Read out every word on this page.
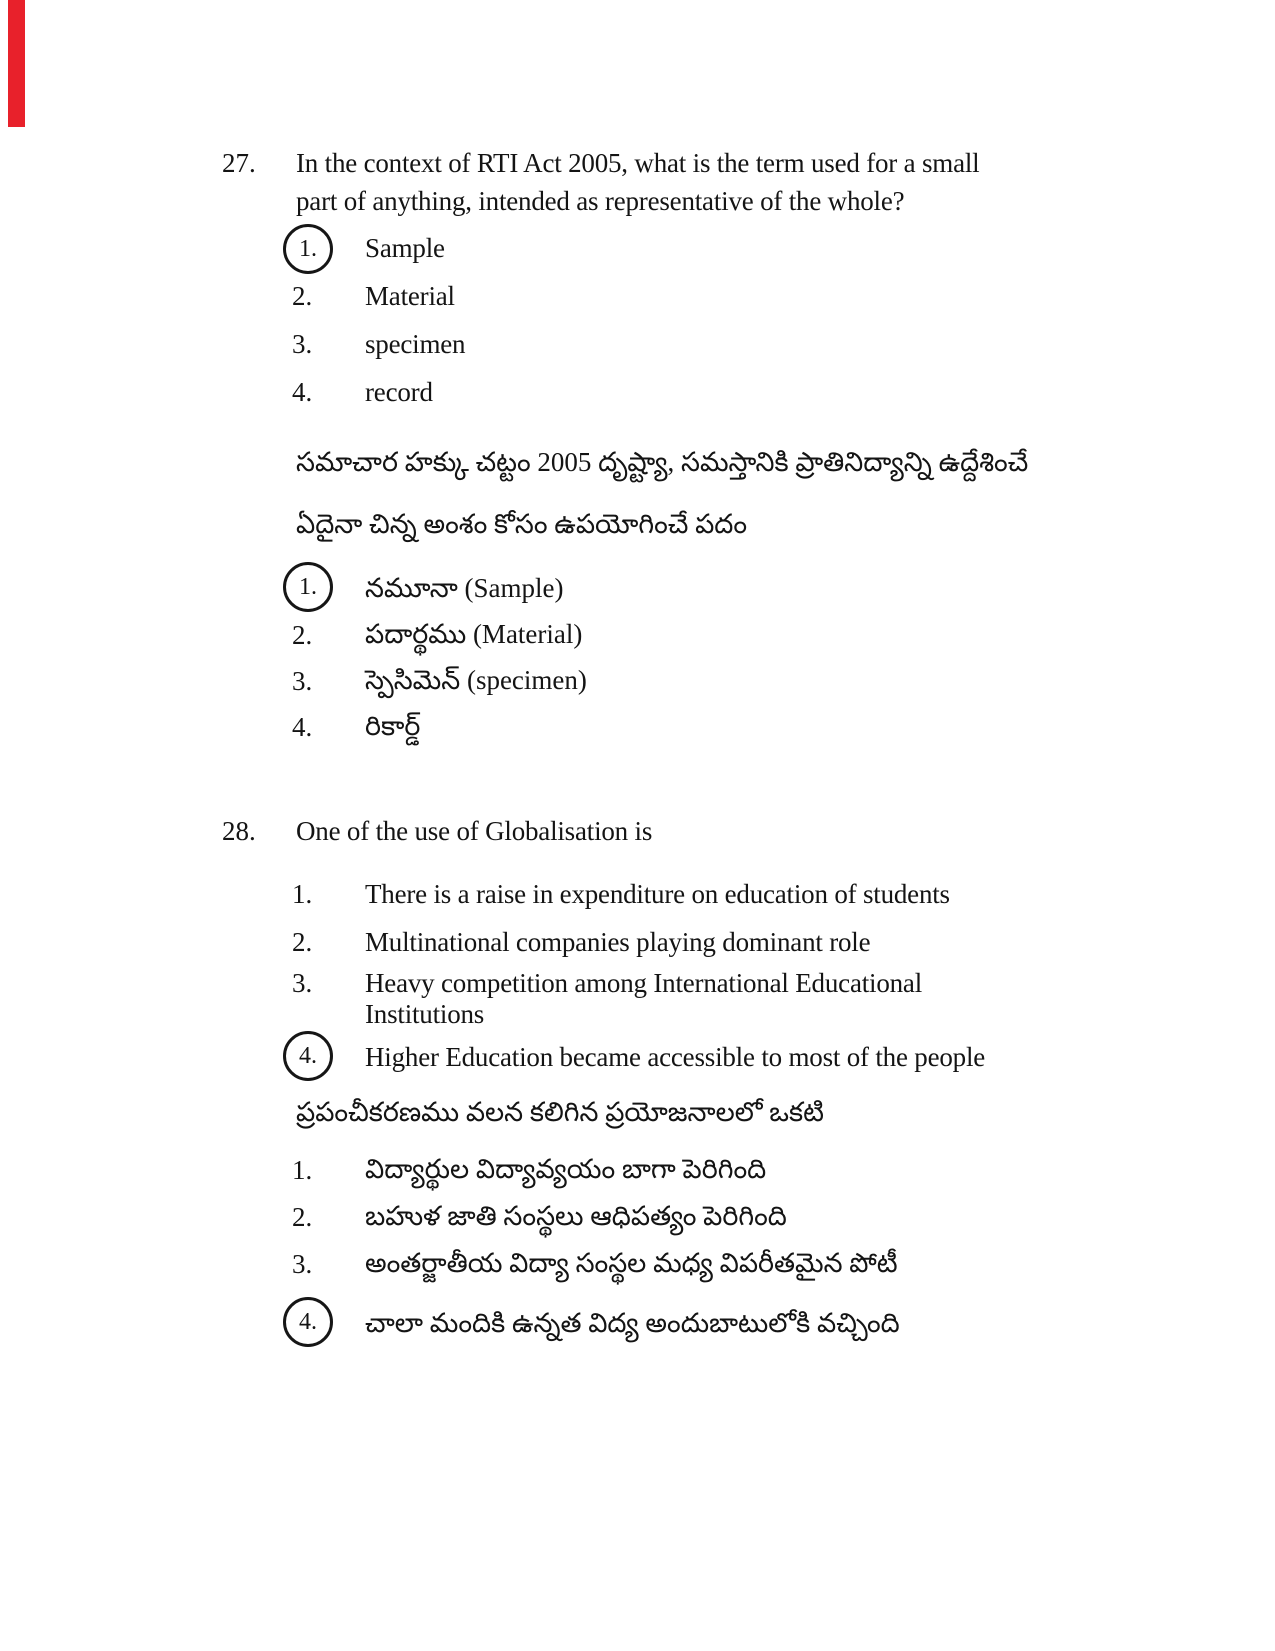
27. In the context of RTI Act 2005, what is the term used for a small
part of anything, intended as representative of the whole?
1. Sample
2. Material
3. specimen
4. record
సమాచార హక్కు చట్టం 2005 దృష్ట్యా, సమస్తానికి ప్రాతినిద్యాన్ని ఉద్దేశించే
ఏదైనా చిన్న అంశం కోసం ఉపయోగించే పదం
1. నమూనా (Sample)
2. పదార్థము (Material)
3. స్పెసిమెన్ (specimen)
4. రికార్డ్
28. One of the use of Globalisation is
1. There is a raise in expenditure on education of students
2. Multinational companies playing dominant role
3. Heavy competition among International Educational
Institutions
4. Higher Education became accessible to most of the people
ప్రపంచీకరణము వలన కలిగిన ప్రయోజనాలలో ఒకటి
1. విద్యార్థుల విద్యావ్యయం బాగా పెరిగింది
2. బహుళ జాతి సంస్థలు ఆధిపత్యం పెరిగింది
3. అంతర్జాతీయ విద్యా సంస్థల మధ్య విపరీతమైన పోటీ
4. చాలా మందికి ఉన్నత విద్య అందుబాటులోకి వచ్చింది
